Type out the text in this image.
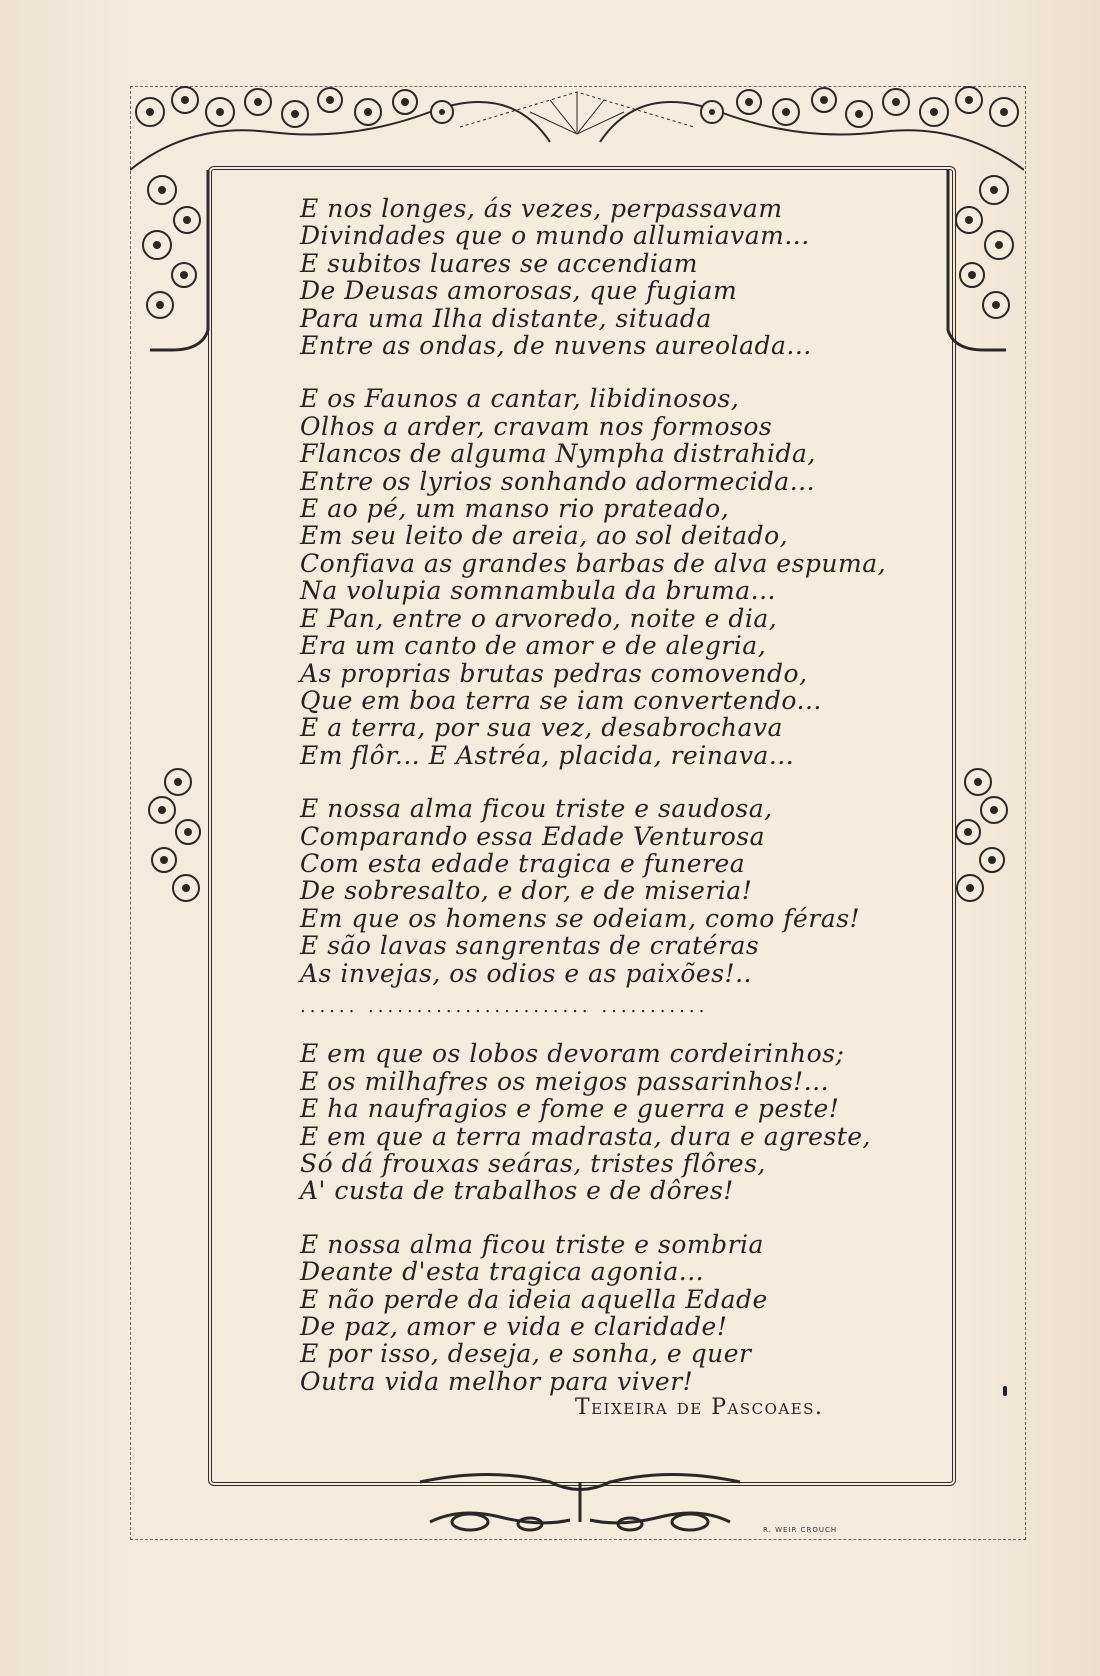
E nos longes, ás vezes, perpassavam
Divindades que o mundo allumiavam...
E subitos luares se accendiam
De Deusas amorosas, que fugiam
Para uma Ilha distante, situada
Entre as ondas, de nuvens aureolada...
E os Faunos a cantar, libidinosos,
Olhos a arder, cravam nos formosos
Flancos de alguma Nympha distrahida,
Entre os lyrios sonhando adormecida...
E ao pé, um manso rio prateado,
Em seu leito de areia, ao sol deitado,
Confiava as grandes barbas de alva espuma,
Na volupia somnambula da bruma...
E Pan, entre o arvoredo, noite e dia,
Era um canto de amor e de alegria,
As proprias brutas pedras comovendo,
Que em boa terra se iam convertendo...
E a terra, por sua vez, desabrochava
Em flôr... E Astréa, placida, reinava...
E nossa alma ficou triste e saudosa,
Comparando essa Edade Venturosa
Com esta edade tragica e funerea
De sobresalto, e dor, e de miseria!
Em que os homens se odeiam, como féras!
E são lavas sangrentas de cratéras
As invejas, os odios e as paixões!..
...... ....................... ...........
E em que os lobos devoram cordeirinhos;
E os milhafres os meigos passarinhos!...
E ha naufragios e fome e guerra e peste!
E em que a terra madrasta, dura e agreste,
Só dá frouxas seáras, tristes flôres,
A' custa de trabalhos e de dôres!
E nossa alma ficou triste e sombria
Deante d'esta tragica agonia...
E não perde da ideia aquella Edade
De paz, amor e vida e claridade!
E por isso, deseja, e sonha, e quer
Outra vida melhor para viver!
Teixeira de Pascoaes.
R. WEIR CROUCH
